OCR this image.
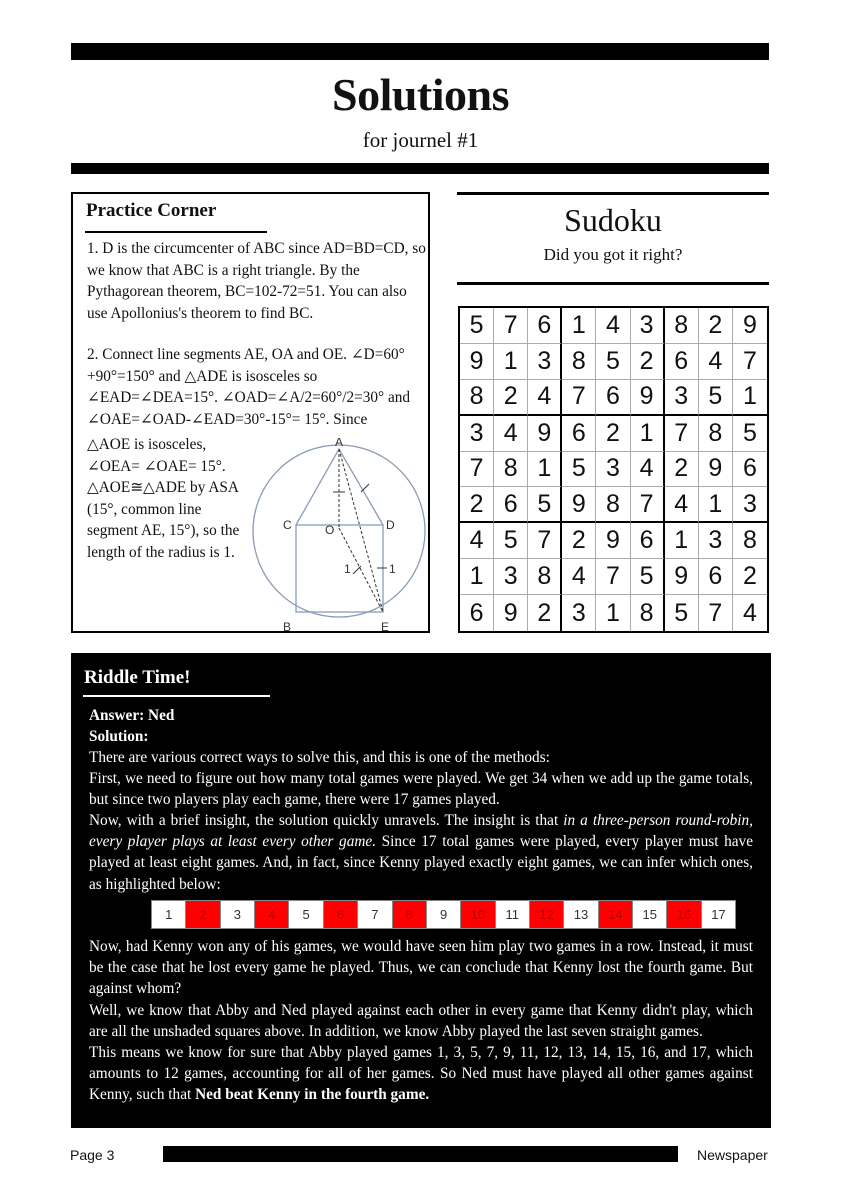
Solutions
for journel #1
Practice Corner
1. D is the circumcenter of ABC since AD=BD=CD, so we know that ABC is a right triangle. By the Pythagorean theorem, BC=102-72=51. You can also use Apollonius's theorem to find BC.
2. Connect line segments AE, OA and OE. ∠D=60°+90°=150° and △ADE is isosceles so ∠EAD=∠DEA=15°. ∠OAD=∠A/2=60°/2=30° and ∠OAE=∠OAD-∠EAD=30°-15°= 15°. Since
△AOE is isosceles, ∠OEA= ∠OAE= 15°. △AOE≅△ADE by ASA (15°, common line segment AE, 15°), so the length of the radius is 1.
A
C	D
O
B	E
1	1
Sudoku
Did you got it right?
5 7 6 1 4 3 8 2 9
9 1 3 8 5 2 6 4 7
8 2 4 7 6 9 3 5 1
3 4 9 6 2 1 7 8 5
7 8 1 5 3 4 2 9 6
2 6 5 9 8 7 4 1 3
4 5 7 2 9 6 1 3 8
1 3 8 4 7 5 9 6 2
6 9 2 3 1 8 5 7 4
Riddle Time!
Answer: Ned
Solution:
There are various correct ways to solve this, and this is one of the methods:
First, we need to figure out how many total games were played. We get 34 when we add up the game totals, but since two players play each game, there were 17 games played.
Now, with a brief insight, the solution quickly unravels. The insight is that in a three-person round-robin, every player plays at least every other game. Since 17 total games were played, every player must have played at least eight games. And, in fact, since Kenny played exactly eight games, we can infer which ones, as highlighted below:
Now, had Kenny won any of his games, we would have seen him play two games in a row. Instead, it must be the case that he lost every game he played. Thus, we can conclude that Kenny lost the fourth game. But against whom?
Well, we know that Abby and Ned played against each other in every game that Kenny didn't play, which are all the unshaded squares above. In addition, we know Abby played the last seven straight games.
This means we know for sure that Abby played games 1, 3, 5, 7, 9, 11, 12, 13, 14, 15, 16, and 17, which amounts to 12 games, accounting for all of her games. So Ned must have played all other games against Kenny, such that Ned beat Kenny in the fourth game.
1	2	3	4	5	6	7	8	9	10	11	12	13	14	15	16	17
Page 3	Newspaper
